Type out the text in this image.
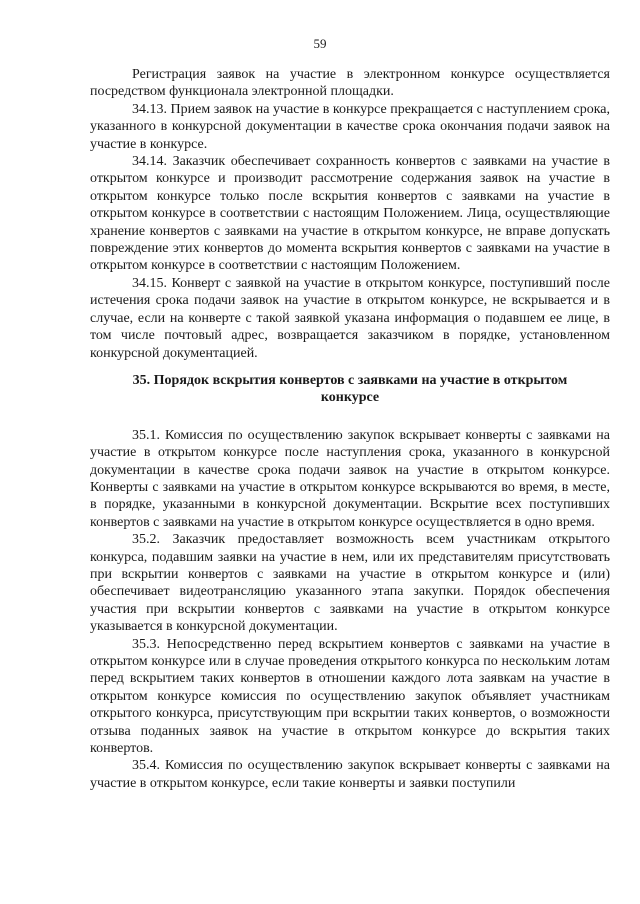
59

Регистрация заявок на участие в электронном конкурсе осуществляется посредством функционала электронной площадки.

34.13. Прием заявок на участие в конкурсе прекращается с наступлением срока, указанного в конкурсной документации в качестве срока окончания подачи заявок на участие в конкурсе.

34.14. Заказчик обеспечивает сохранность конвертов с заявками на участие в открытом конкурсе и производит рассмотрение содержания заявок на участие в открытом конкурсе только после вскрытия конвертов с заявками на участие в открытом конкурсе в соответствии с настоящим Положением. Лица, осуществляющие хранение конвертов с заявками на участие в открытом конкурсе, не вправе допускать повреждение этих конвертов до момента вскрытия конвертов с заявками на участие в открытом конкурсе в соответствии с настоящим Положением.

34.15. Конверт с заявкой на участие в открытом конкурсе, поступивший после истечения срока подачи заявок на участие в открытом конкурсе, не вскрывается и в случае, если на конверте с такой заявкой указана информация о подавшем ее лице, в том числе почтовый адрес, возвращается заказчиком в порядке, установленном конкурсной документацией.

35. Порядок вскрытия конвертов с заявками на участие в открытом конкурсе

35.1. Комиссия по осуществлению закупок вскрывает конверты с заявками на участие в открытом конкурсе после наступления срока, указанного в конкурсной документации в качестве срока подачи заявок на участие в открытом конкурсе. Конверты с заявками на участие в открытом конкурсе вскрываются во время, в месте, в порядке, указанными в конкурсной документации. Вскрытие всех поступивших конвертов с заявками на участие в открытом конкурсе осуществляется в одно время.

35.2. Заказчик предоставляет возможность всем участникам открытого конкурса, подавшим заявки на участие в нем, или их представителям присутствовать при вскрытии конвертов с заявками на участие в открытом конкурсе и (или) обеспечивает видеотрансляцию указанного этапа закупки. Порядок обеспечения участия при вскрытии конвертов с заявками на участие в открытом конкурсе указывается в конкурсной документации.

35.3. Непосредственно перед вскрытием конвертов с заявками на участие в открытом конкурсе или в случае проведения открытого конкурса по нескольким лотам перед вскрытием таких конвертов в отношении каждого лота заявкам на участие в открытом конкурсе комиссия по осуществлению закупок объявляет участникам открытого конкурса, присутствующим при вскрытии таких конвертов, о возможности отзыва поданных заявок на участие в открытом конкурсе до вскрытия таких конвертов.

35.4. Комиссия по осуществлению закупок вскрывает конверты с заявками на участие в открытом конкурсе, если такие конверты и заявки поступили
